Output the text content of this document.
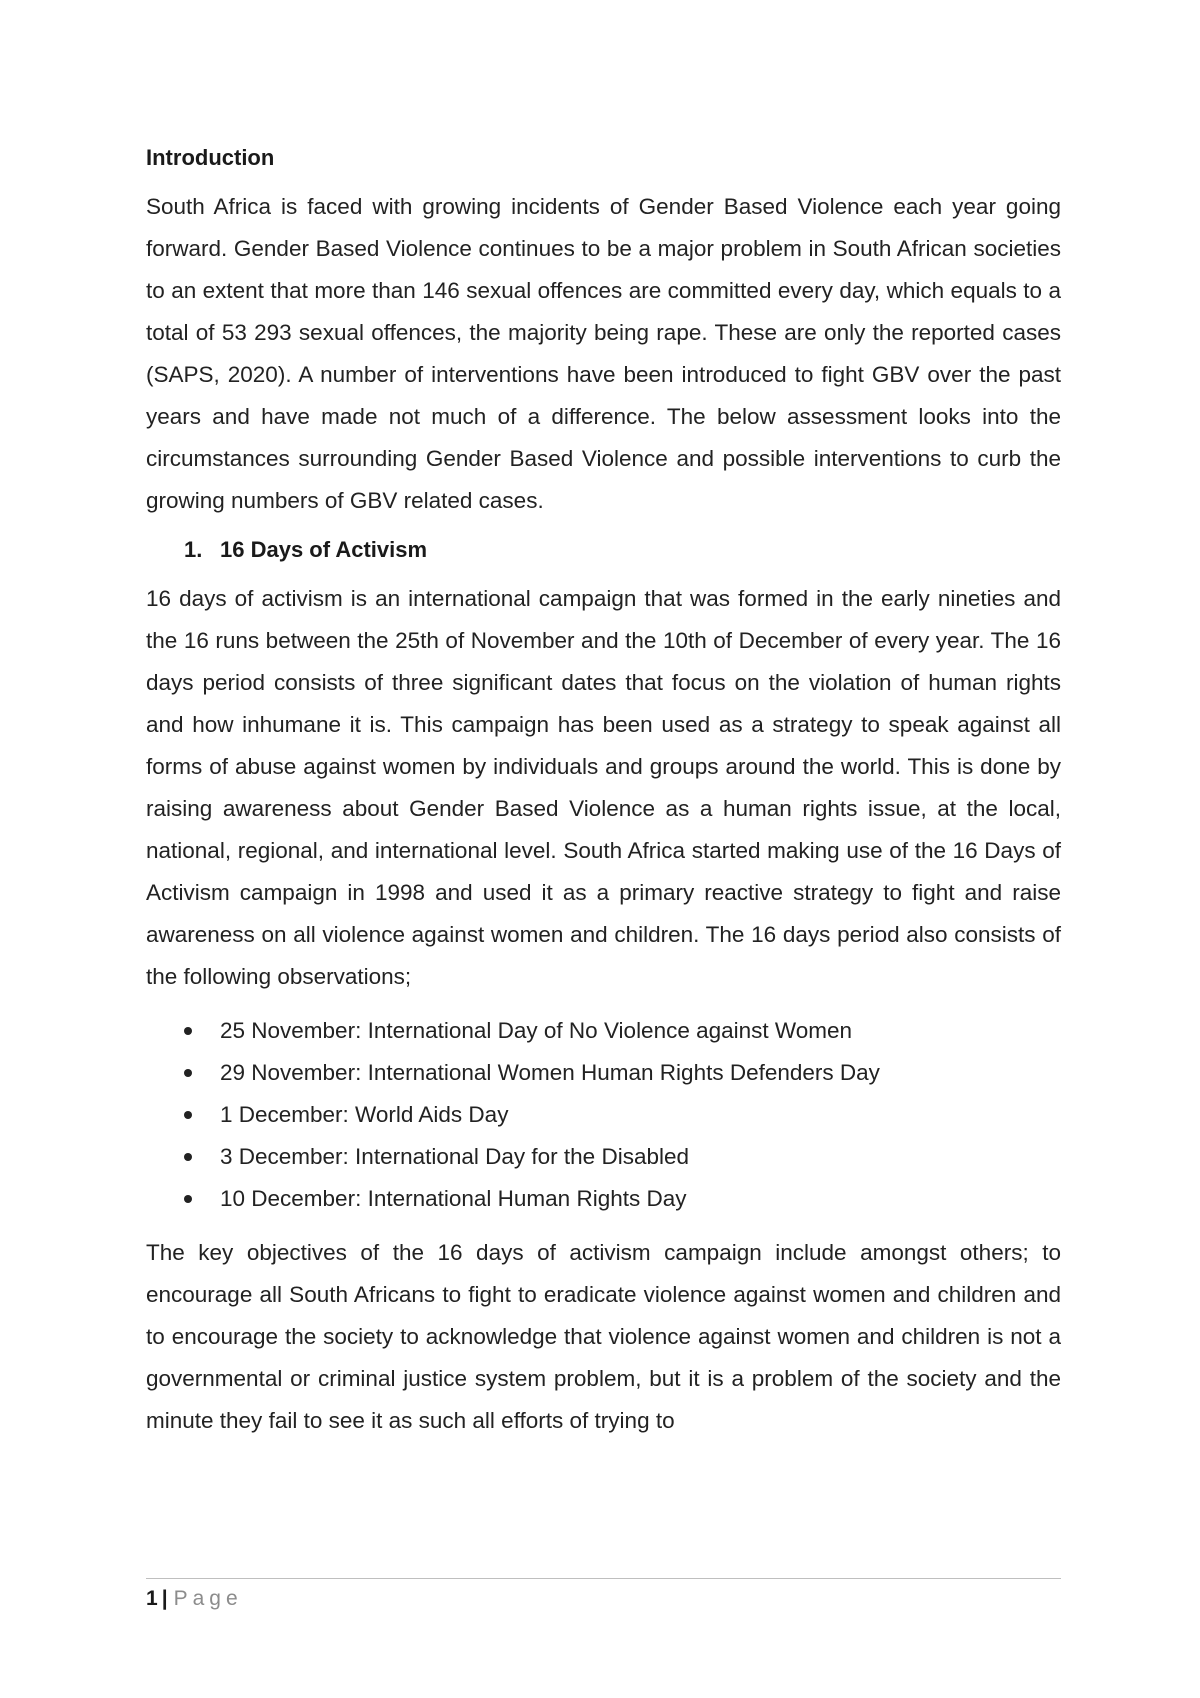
Introduction

South Africa is faced with growing incidents of Gender Based Violence each year going forward. Gender Based Violence continues to be a major problem in South African societies to an extent that more than 146 sexual offences are committed every day, which equals to a total of 53 293 sexual offences, the majority being rape. These are only the reported cases (SAPS, 2020). A number of interventions have been introduced to fight GBV over the past years and have made not much of a difference. The below assessment looks into the circumstances surrounding Gender Based Violence and possible interventions to curb the growing numbers of GBV related cases.

1. 16 Days of Activism

16 days of activism is an international campaign that was formed in the early nineties and the 16 runs between the 25th of November and the 10th of December of every year. The 16 days period consists of three significant dates that focus on the violation of human rights and how inhumane it is. This campaign has been used as a strategy to speak against all forms of abuse against women by individuals and groups around the world. This is done by raising awareness about Gender Based Violence as a human rights issue, at the local, national, regional, and international level. South Africa started making use of the 16 Days of Activism campaign in 1998 and used it as a primary reactive strategy to fight and raise awareness on all violence against women and children. The 16 days period also consists of the following observations;

25 November: International Day of No Violence against Women
29 November: International Women Human Rights Defenders Day
1 December: World Aids Day
3 December: International Day for the Disabled
10 December: International Human Rights Day

The key objectives of the 16 days of activism campaign include amongst others; to encourage all South Africans to fight to eradicate violence against women and children and to encourage the society to acknowledge that violence against women and children is not a governmental or criminal justice system problem, but it is a problem of the society and the minute they fail to see it as such all efforts of trying to

1 | Page
